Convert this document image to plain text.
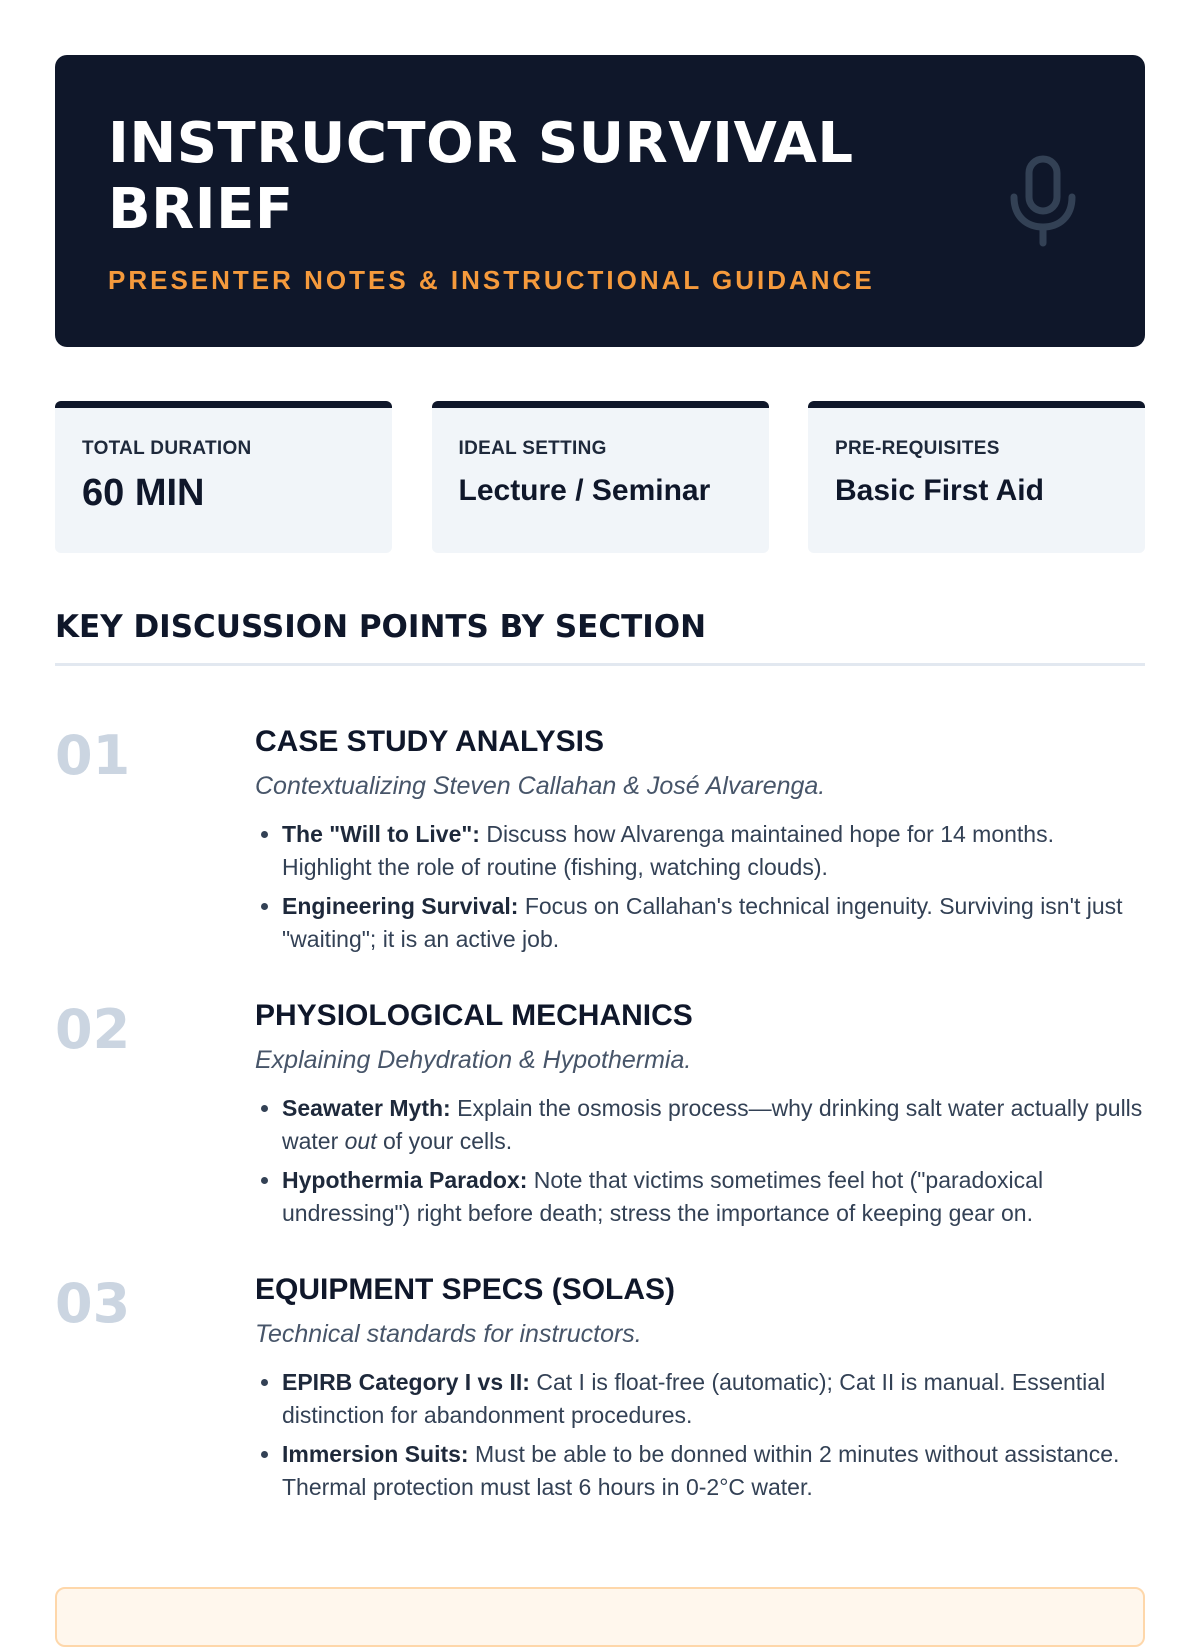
INSTRUCTOR SURVIVAL BRIEF
PRESENTER NOTES & INSTRUCTIONAL GUIDANCE
TOTAL DURATION
60 MIN
IDEAL SETTING
Lecture / Seminar
PRE-REQUISITES
Basic First Aid
KEY DISCUSSION POINTS BY SECTION
01	CASE STUDY ANALYSIS
Contextualizing Steven Callahan & José Alvarenga.
• The "Will to Live": Discuss how Alvarenga maintained hope for 14 months. Highlight the role of routine (fishing, watching clouds).
• Engineering Survival: Focus on Callahan's technical ingenuity. Surviving isn't just "waiting"; it is an active job.
02	PHYSIOLOGICAL MECHANICS
Explaining Dehydration & Hypothermia.
• Seawater Myth: Explain the osmosis process—why drinking salt water actually pulls water out of your cells.
• Hypothermia Paradox: Note that victims sometimes feel hot ("paradoxical undressing") right before death; stress the importance of keeping gear on.
03	EQUIPMENT SPECS (SOLAS)
Technical standards for instructors.
• EPIRB Category I vs II: Cat I is float-free (automatic); Cat II is manual. Essential distinction for abandonment procedures.
• Immersion Suits: Must be able to be donned within 2 minutes without assistance. Thermal protection must last 6 hours in 0-2°C water.
